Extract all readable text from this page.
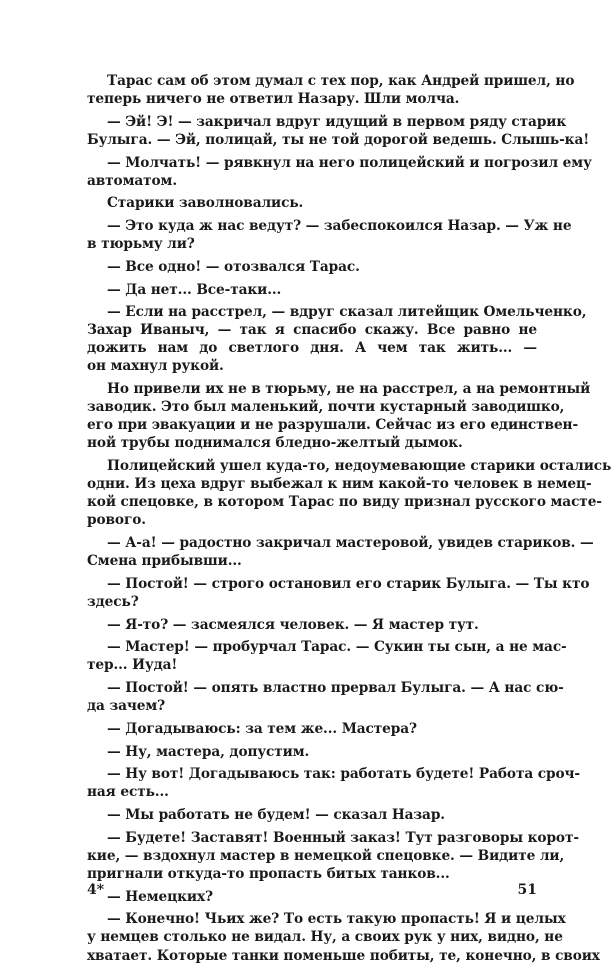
Тарас сам об этом думал с тех пор, как Андрей пришел, но
теперь ничего не ответил Назару. Шли молча.
— Эй! Э! — закричал вдруг идущий в первом ряду старик
Булыга. — Эй, полицай, ты не той дорогой ведешь. Слышь-ка!
— Молчать! — рявкнул на него полицейский и погрозил ему
автоматом.
Старики заволновались.
— Это куда ж нас ведут? — забеспокоился Назар. — Уж не
в тюрьму ли?
— Все одно! — отозвался Тарас.
— Да нет... Все-таки...
— Если на расстрел, — вдруг сказал литейщик Омельченко,
Захар Иваныч, — так я спасибо скажу. Все равно не
дожить нам до светлого дня. А чем так жить... —
он махнул рукой.
Но привели их не в тюрьму, не на расстрел, а на ремонтный
заводик. Это был маленький, почти кустарный заводишко,
его при эвакуации и не разрушали. Сейчас из его единствен-
ной трубы поднимался бледно-желтый дымок.
Полицейский ушел куда-то, недоумевающие старики остались
одни. Из цеха вдруг выбежал к ним какой-то человек в немец-
кой спецовке, в котором Тарас по виду признал русского масте-
рового.
— А-а! — радостно закричал мастеровой, увидев стариков. —
Смена прибывши...
— Постой! — строго остановил его старик Булыга. — Ты кто
здесь?
— Я-то? — засмеялся человек. — Я мастер тут.
— Мастер! — пробурчал Тарас. — Сукин ты сын, а не мас-
тер... Иуда!
— Постой! — опять властно прервал Булыга. — А нас сю-
да зачем?
— Догадываюсь: за тем же... Мастера?
— Ну, мастера, допустим.
— Ну вот! Догадываюсь так: работать будете! Работа сроч-
ная есть...
— Мы работать не будем! — сказал Назар.
— Будете! Заставят! Военный заказ! Тут разговоры корот-
кие, — вздохнул мастер в немецкой спецовке. — Видите ли,
пригнали откуда-то пропасть битых танков...
— Немецких?
— Конечно! Чьих же? То есть такую пропасть! Я и целых
у немцев столько не видал. Ну, а своих рук у них, видно, не
хватает. Которые танки поменьше побиты, те, конечно, в своих
4*	51
